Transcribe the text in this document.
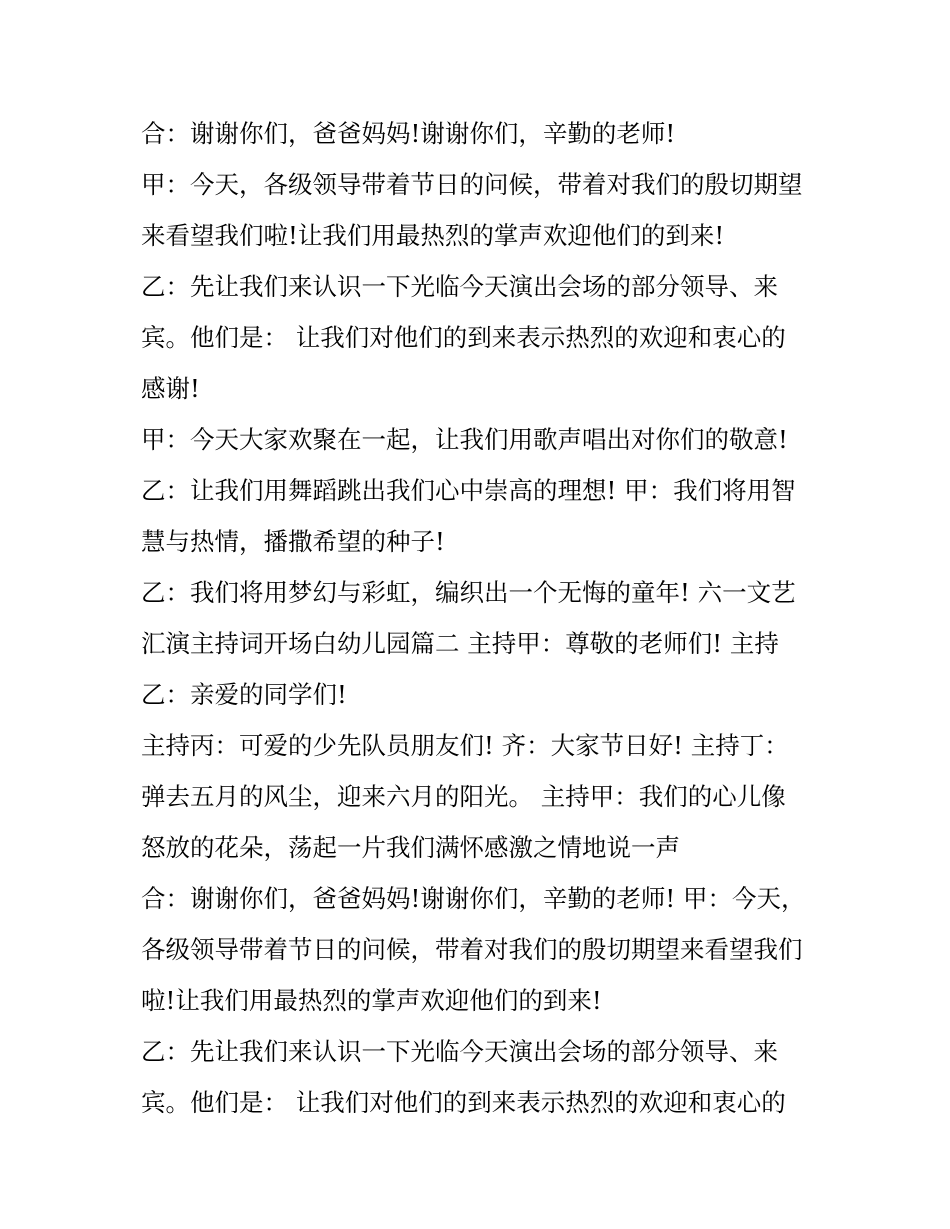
合：谢谢你们，爸爸妈妈!谢谢你们，辛勤的老师!
甲：今天，各级领导带着节日的问候，带着对我们的殷切期望
来看望我们啦!让我们用最热烈的掌声欢迎他们的到来!
乙：先让我们来认识一下光临今天演出会场的部分领导、来
宾。他们是： 让我们对他们的到来表示热烈的欢迎和衷心的
感谢!
甲：今天大家欢聚在一起，让我们用歌声唱出对你们的敬意!
乙：让我们用舞蹈跳出我们心中崇高的理想! 甲：我们将用智
慧与热情，播撒希望的种子!
乙：我们将用梦幻与彩虹，编织出一个无悔的童年! 六一文艺
汇演主持词开场白幼儿园篇二 主持甲：尊敬的老师们! 主持
乙：亲爱的同学们!
主持丙：可爱的少先队员朋友们! 齐：大家节日好! 主持丁：
弹去五月的风尘，迎来六月的阳光。 主持甲：我们的心儿像
怒放的花朵，荡起一片我们满怀感激之情地说一声
合：谢谢你们，爸爸妈妈!谢谢你们，辛勤的老师! 甲：今天，
各级领导带着节日的问候，带着对我们的殷切期望来看望我们
啦!让我们用最热烈的掌声欢迎他们的到来!
乙：先让我们来认识一下光临今天演出会场的部分领导、来
宾。他们是： 让我们对他们的到来表示热烈的欢迎和衷心的
